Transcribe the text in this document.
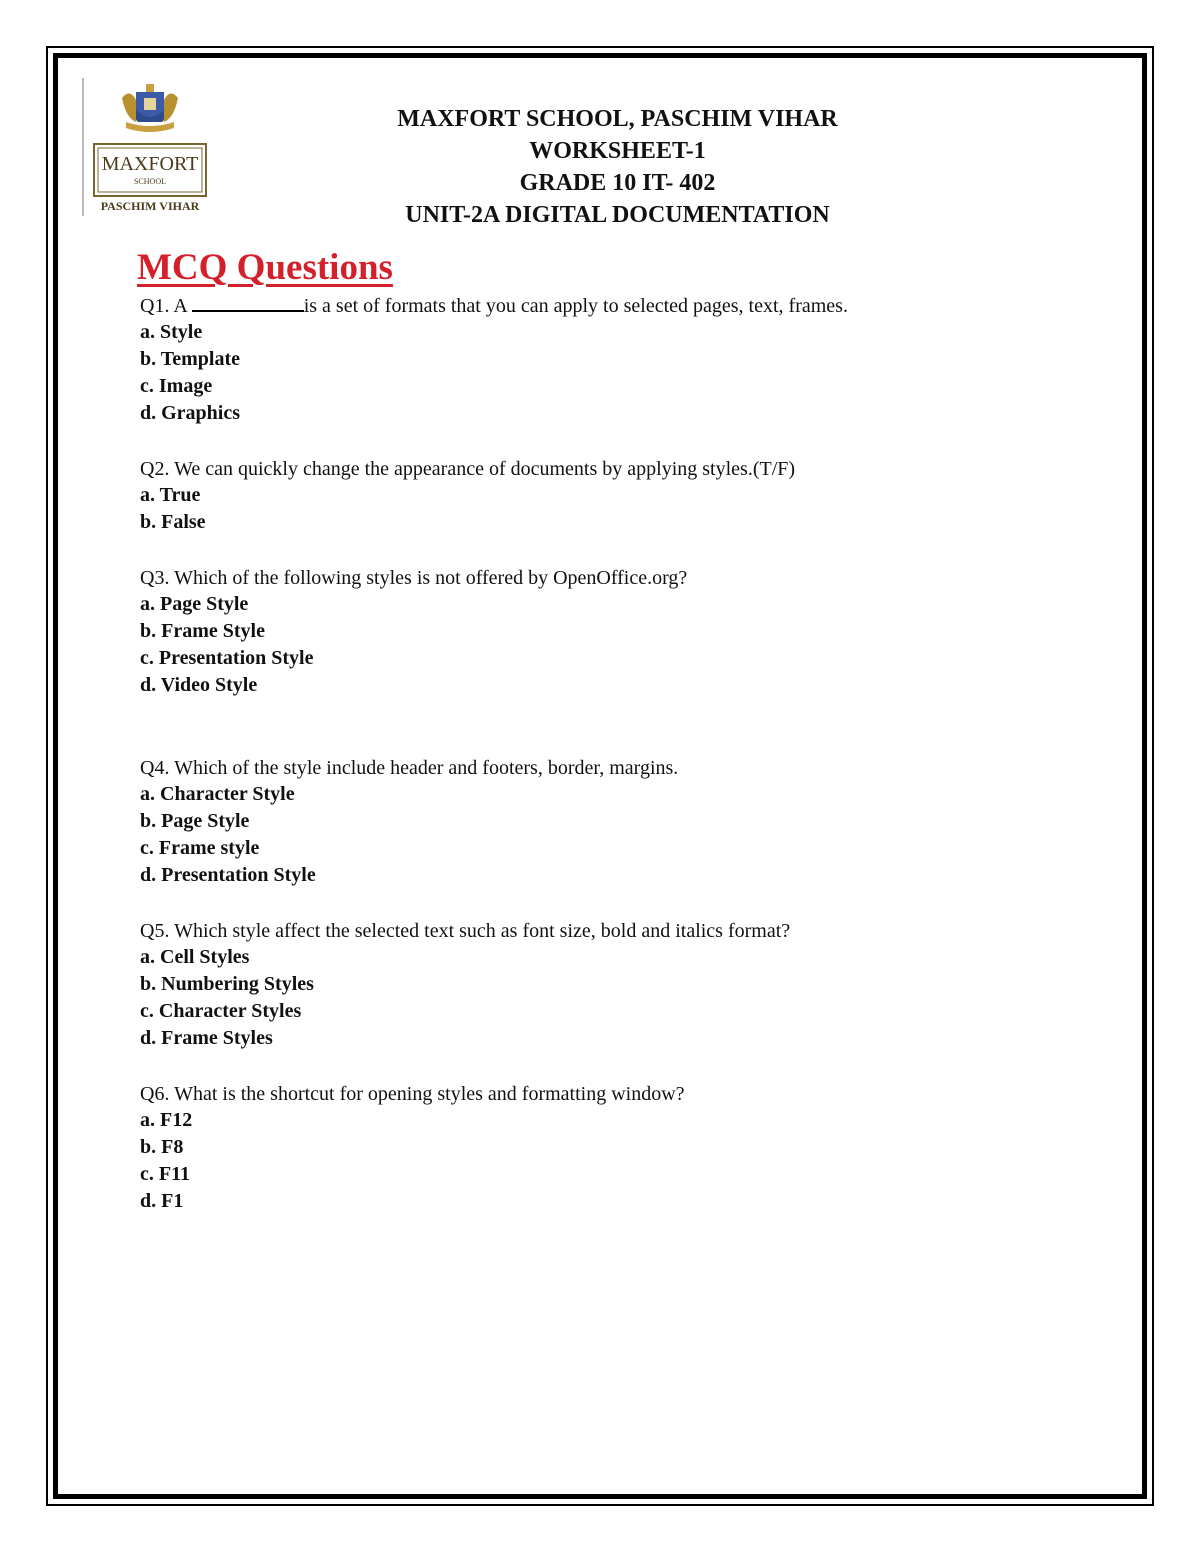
MAXFORT
SCHOOL
PASCHIM VIHAR
MAXFORT SCHOOL, PASCHIM VIHAR
WORKSHEET-1
GRADE 10 IT- 402
UNIT-2A DIGITAL DOCUMENTATION
MCQ Questions
Q1. A	is a set of formats that you can apply to selected pages, text, frames.
a. Style
b. Template
c. Image
d. Graphics
Q2. We can quickly change the appearance of documents by applying styles.(T/F)
a. True
b. False
Q3. Which of the following styles is not offered by OpenOffice.org?
a. Page Style
b. Frame Style
c. Presentation Style
d. Video Style
Q4. Which of the style include header and footers, border, margins.
a. Character Style
b. Page Style
c. Frame style
d. Presentation Style
Q5. Which style affect the selected text such as font size, bold and italics format?
a. Cell Styles
b. Numbering Styles
c. Character Styles
d. Frame Styles
Q6. What is the shortcut for opening styles and formatting window?
a. F12
b. F8
c. F11
d. F1
